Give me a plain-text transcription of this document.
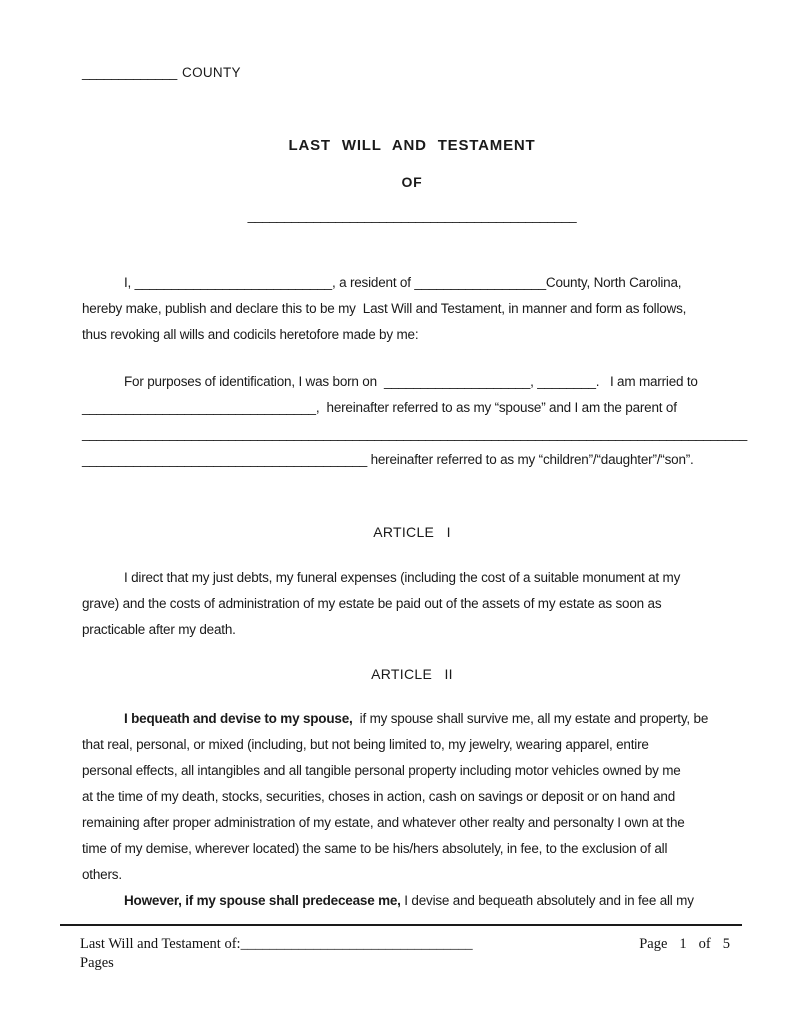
_____________ COUNTY
LAST WILL AND TESTAMENT
OF
_____________________________________________
I, ___________________________, a resident of __________________County, North Carolina,
hereby make, publish and declare this to be my  Last Will and Testament, in manner and form as follows,
thus revoking all wills and codicils heretofore made by me:
For purposes of identification, I was born on  ____________________, ________.   I am married to
________________________________,  hereinafter referred to as my “spouse” and I am the parent of
___________________________________________________________________________________________
_______________________________________ hereinafter referred to as my “children”/“daughter”/“son”.
ARTICLE  I
I direct that my just debts, my funeral expenses (including the cost of a suitable monument at my
grave) and the costs of administration of my estate be paid out of the assets of my estate as soon as
practicable after my death.
ARTICLE  II
I bequeath and devise to my spouse,  if my spouse shall survive me, all my estate and property, be
that real, personal, or mixed (including, but not being limited to, my jewelry, wearing apparel, entire
personal effects, all intangibles and all tangible personal property including motor vehicles owned by me
at the time of my death, stocks, securities, choses in action, cash on savings or deposit or on hand and
remaining after proper administration of my estate, and whatever other realty and personalty I own at the
time of my demise, wherever located) the same to be his/hers absolutely, in fee, to the exclusion of all
others.
However, if my spouse shall predecease me, I devise and bequeath absolutely and in fee all my
Last Will and Testament of:________________________________
Pages
Page 1 of 5
